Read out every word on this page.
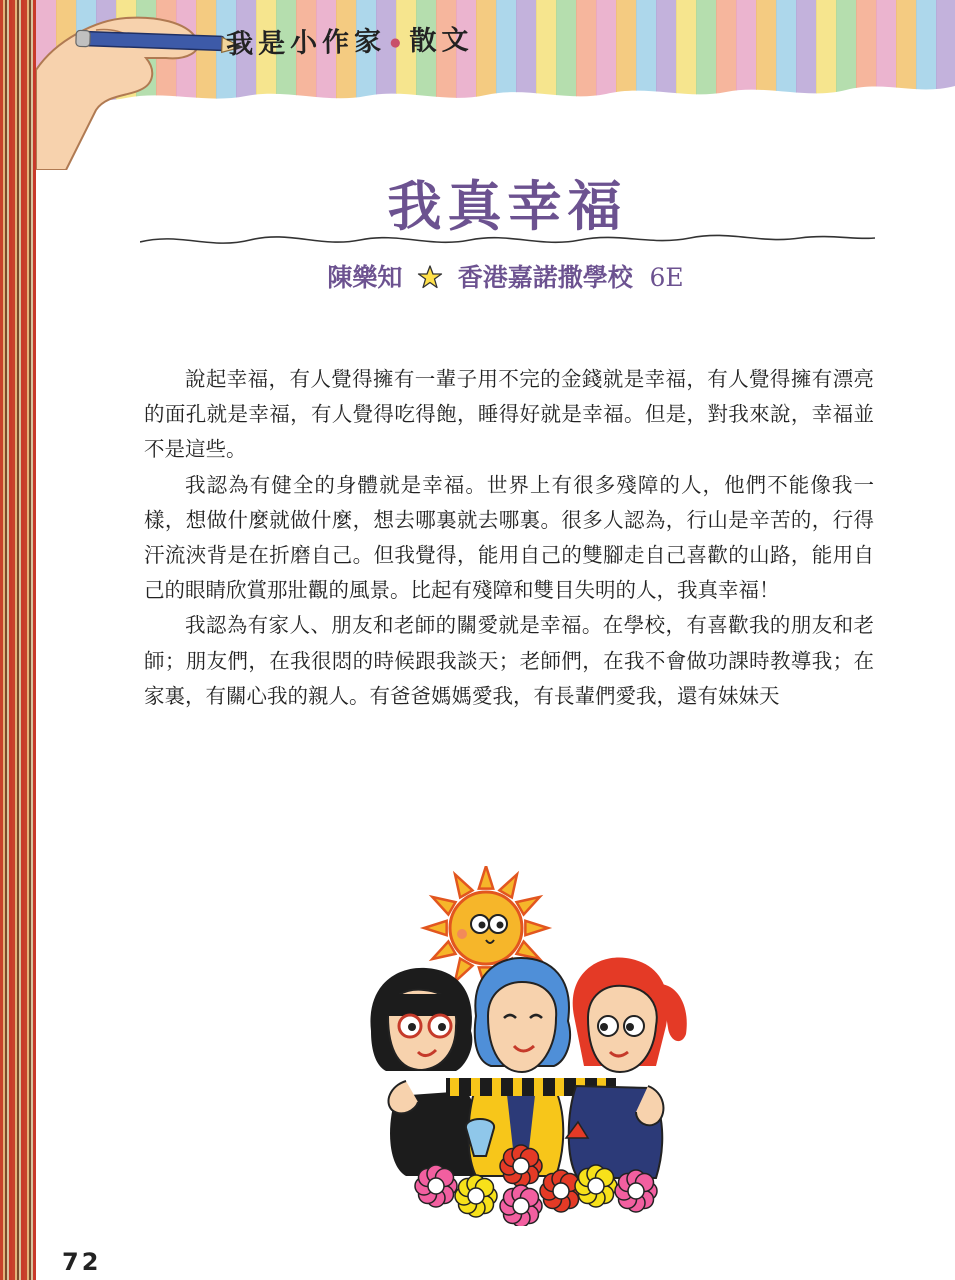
我是小作家 ● 散文
我真幸福
陳樂知 香港嘉諾撒學校 6E

說起幸福，有人覺得擁有一輩子用不完的金錢就是幸福，有人覺得擁有漂亮的面孔就是幸福，有人覺得吃得飽，睡得好就是幸福。但是，對我來說，幸福並不是這些。

我認為有健全的身體就是幸福。世界上有很多殘障的人，他們不能像我一樣，想做什麼就做什麼，想去哪裏就去哪裏。很多人認為，行山是辛苦的，行得汗流浹背是在折磨自己。但我覺得，能用自己的雙腳走自己喜歡的山路，能用自己的眼睛欣賞那壯觀的風景。比起有殘障和雙目失明的人，我真幸福！

我認為有家人、朋友和老師的關愛就是幸福。在學校，有喜歡我的朋友和老師；朋友們，在我很悶的時候跟我談天；老師們，在我不會做功課時教導我；在家裏，有關心我的親人。有爸爸媽媽愛我，有長輩們愛我，還有妹妹天

72
